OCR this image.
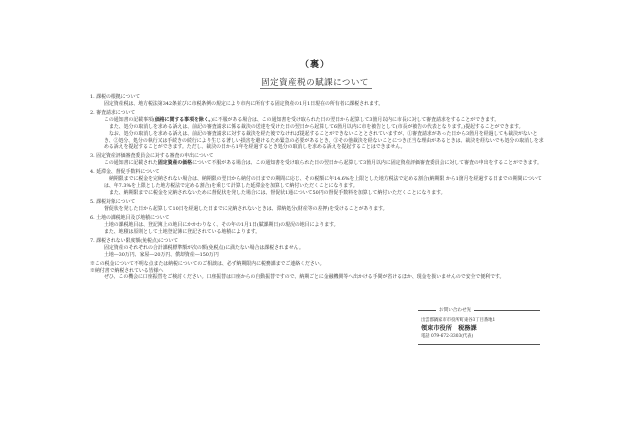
（裏）
固定資産税の賦課について

1. 課税の根拠について

固定資産税は、地方税法第342条並びに市税条例の規定により市内に所有する固定資産の1月1日現在の所有者に課税されます。

2. 審査請求について

この通知書の記載事項(価格に関する事項を除く。)に不服がある場合は、この通知書を受け取られた日の翌日から起算して3箇月以内に市長に対して審査請求をすることができます。

また、処分の取消しを求める訴えは、前記の審査請求に係る裁決の送達を受けた日の翌日から起算して6箇月以内に市を被告として(市長が被告の代表となります。)提起することができます。

なお、処分の取消しを求める訴えは、前記の審査請求に対する裁決を経た後でなければ提起することができないこととされていますが、①審査請求があった日から3箇月を経過しても裁決がないとき、②処分、処分の執行又は手続きの続行により生じる著しい損害を避けるため緊急の必要があるとき、③その他裁決を経ないことにつき正当な理由があるときは、裁決を経ないでも処分の取消しを求める訴えを提起することができます。ただし、裁決の日から1年を経過するとき処分の取消しを求める訴えを提起することはできません。

3. 固定資産評価審査委員会に対する審査の申出について

この通知書に記載された固定資産の価格について不服がある場合は、この通知書を受け取られた日の翌日から起算して3箇月以内に固定資産評価審査委員会に対して審査の申出をすることができます。

4. 延滞金、督促手数料について

納期限までに税金を完納されない場合は、納期限の翌日から納付の日までの期間に応じ、その税額に年14.6%を上限とした地方税法で定める割合(納期限 から1箇月を経過する日までの期間については、年7.3%を上限とした地方税法で定める割合)を乗じて計算した延滞金を加算して納付いただくことになります。

また、納期限までに税金を完納されないために督促状を発した場合には、督促状1通について50円の督促手数料を加算して納付いただくことになります。

5. 課税対象について

督促状を発した日から起算して10日を経過した日までに完納されないときは、滞納処分(財産等の差押)を受けることがあります。

6. 土地の課税地目及び地積について

土地の課税地目は、登記簿上の地目にかかわりなく、その年の1月1日(賦課期日)の現況の地目によります。

また、地積は原則として土地登記簿に登記されている地積によります。

7. 課税されない限度額(免税点)について

固定資産のそれぞれの合計課税標準額が次の額(免税点)に満たない場合は課税されません。

土地―30万円、家屋―20万円、償却資産―150万円

※この税金について不明な点または納税についてのご相談は、必ず納期限内に税務課までご連絡ください。

※納付書で納税されている皆様へ

ぜひ、この機会に口座振替をご検討ください。口座振替は口座からの自動振替ですので、納期ごとに金融機関等へ出かける手間が省けるほか、現金を扱いませんので安全で便利です。

お問い合わせ先
出雲郡鍋家市市役所町東谷3丁目番地1
領束市役所　税務課
電話 079-672-3303(代表)
